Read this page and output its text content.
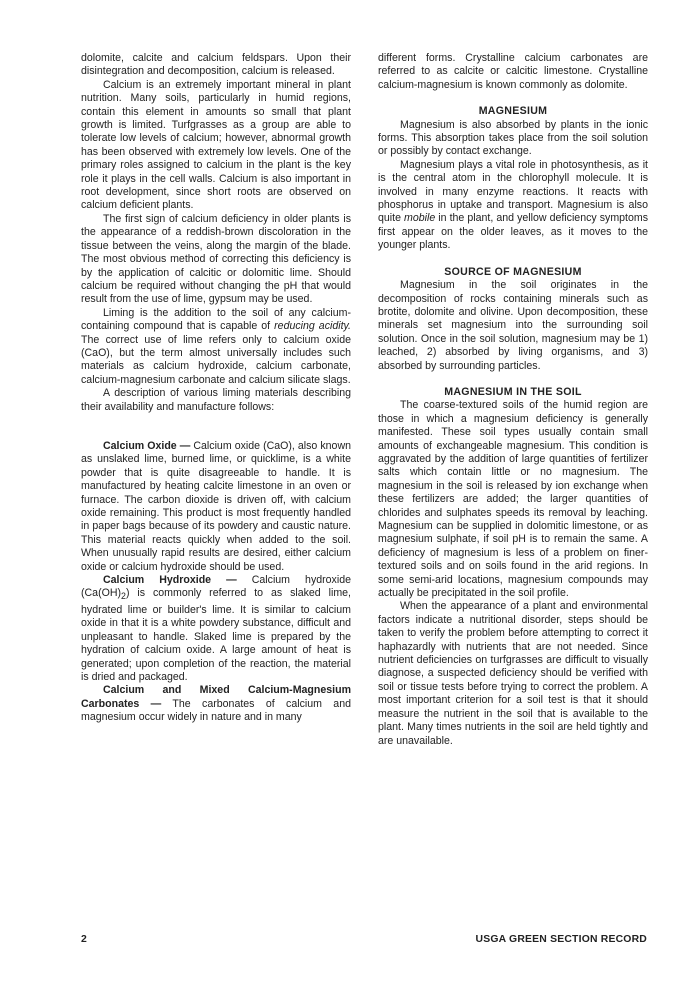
dolomite, calcite and calcium feldspars. Upon their disintegration and decomposition, calcium is released.

Calcium is an extremely important mineral in plant nutrition. Many soils, particularly in humid regions, contain this element in amounts so small that plant growth is limited. Turfgrasses as a group are able to tolerate low levels of calcium; however, abnormal growth has been observed with extremely low levels. One of the primary roles assigned to calcium in the plant is the key role it plays in the cell walls. Calcium is also important in root development, since short roots are observed on calcium deficient plants.

The first sign of calcium deficiency in older plants is the appearance of a reddish-brown discoloration in the tissue between the veins, along the margin of the blade. The most obvious method of correcting this deficiency is by the application of calcitic or dolomitic lime. Should calcium be required without changing the pH that would result from the use of lime, gypsum may be used.

Liming is the addition to the soil of any calcium-containing compound that is capable of reducing acidity. The correct use of lime refers only to calcium oxide (CaO), but the term almost universally includes such materials as calcium hydroxide, calcium carbonate, calcium-magnesium carbonate and calcium silicate slags.

A description of various liming materials describing their availability and manufacture follows:

Calcium Oxide — Calcium oxide (CaO), also known as unslaked lime, burned lime, or quicklime, is a white powder that is quite disagreeable to handle. It is manufactured by heating calcite limestone in an oven or furnace. The carbon dioxide is driven off, with calcium oxide remaining. This product is most frequently handled in paper bags because of its powdery and caustic nature. This material reacts quickly when added to the soil. When unusually rapid results are desired, either calcium oxide or calcium hydroxide should be used.

Calcium Hydroxide — Calcium hydroxide $(Ca(OH)_2)$ is commonly referred to as slaked lime, hydrated lime or builder's lime. It is similar to calcium oxide in that it is a white powdery substance, difficult and unpleasant to handle. Slaked lime is prepared by the hydration of calcium oxide. A large amount of heat is generated; upon completion of the reaction, the material is dried and packaged.

Calcium and Mixed Calcium-Magnesium Carbonates — The carbonates of calcium and magnesium occur widely in nature and in many

different forms. Crystalline calcium carbonates are referred to as calcite or calcitic limestone. Crystalline calcium-magnesium is known commonly as dolomite.

MAGNESIUM

Magnesium is also absorbed by plants in the ionic forms. This absorption takes place from the soil solution or possibly by contact exchange.

Magnesium plays a vital role in photosynthesis, as it is the central atom in the chlorophyll molecule. It is involved in many enzyme reactions. It reacts with phosphorus in uptake and transport. Magnesium is also quite mobile in the plant, and yellow deficiency symptoms first appear on the older leaves, as it moves to the younger plants.

SOURCE OF MAGNESIUM

Magnesium in the soil originates in the decomposition of rocks containing minerals such as brotite, dolomite and olivine. Upon decomposition, these minerals set magnesium into the surrounding soil solution. Once in the soil solution, magnesium may be 1) leached, 2) absorbed by living organisms, and 3) absorbed by surrounding particles.

MAGNESIUM IN THE SOIL

The coarse-textured soils of the humid region are those in which a magnesium deficiency is generally manifested. These soil types usually contain small amounts of exchangeable magnesium. This condition is aggravated by the addition of large quantities of fertilizer salts which contain little or no magnesium. The magnesium in the soil is released by ion exchange when these fertilizers are added; the larger quantities of chlorides and sulphates speeds its removal by leaching. Magnesium can be supplied in dolomitic limestone, or as magnesium sulphate, if soil pH is to remain the same. A deficiency of magnesium is less of a problem on finer-textured soils and on soils found in the arid regions. In some semi-arid locations, magnesium compounds may actually be precipitated in the soil profile.

When the appearance of a plant and environmental factors indicate a nutritional disorder, steps should be taken to verify the problem before attempting to correct it haphazardly with nutrients that are not needed. Since nutrient deficiencies on turfgrasses are difficult to visually diagnose, a suspected deficiency should be verified with soil or tissue tests before trying to correct the problem. A most important criterion for a soil test is that it should measure the nutrient in the soil that is available to the plant. Many times nutrients in the soil are held tightly and are unavailable.

2	USGA GREEN SECTION RECORD
